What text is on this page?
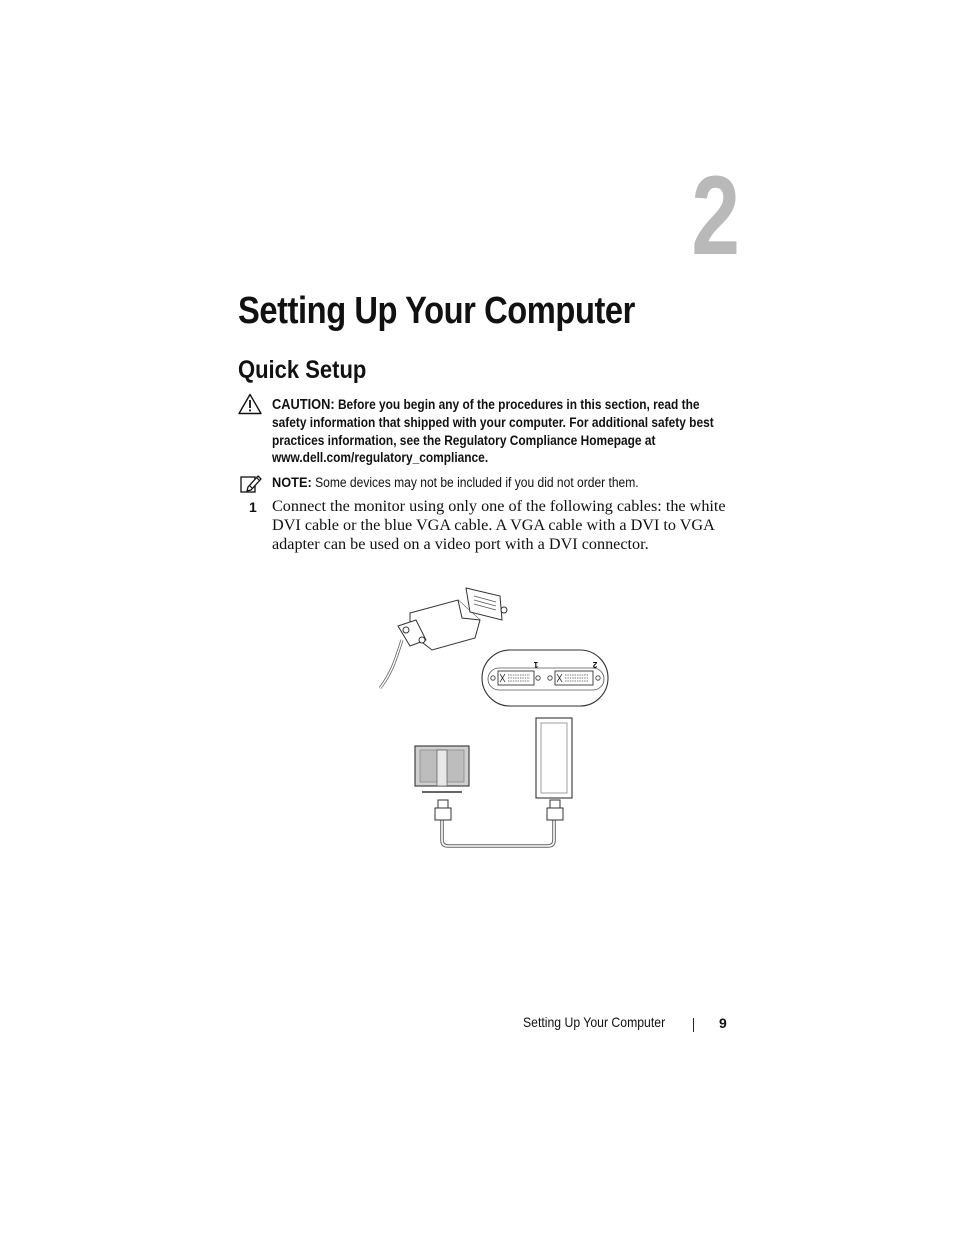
2
Setting Up Your Computer
Quick Setup
CAUTION: Before you begin any of the procedures in this section, read the safety information that shipped with your computer. For additional safety best practices information, see the Regulatory Compliance Homepage at www.dell.com/regulatory_compliance.
NOTE: Some devices may not be included if you did not order them.
1 Connect the monitor using only one of the following cables: the white DVI cable or the blue VGA cable. A VGA cable with a DVI to VGA adapter can be used on a video port with a DVI connector.
1	2
Setting Up Your Computer	9
